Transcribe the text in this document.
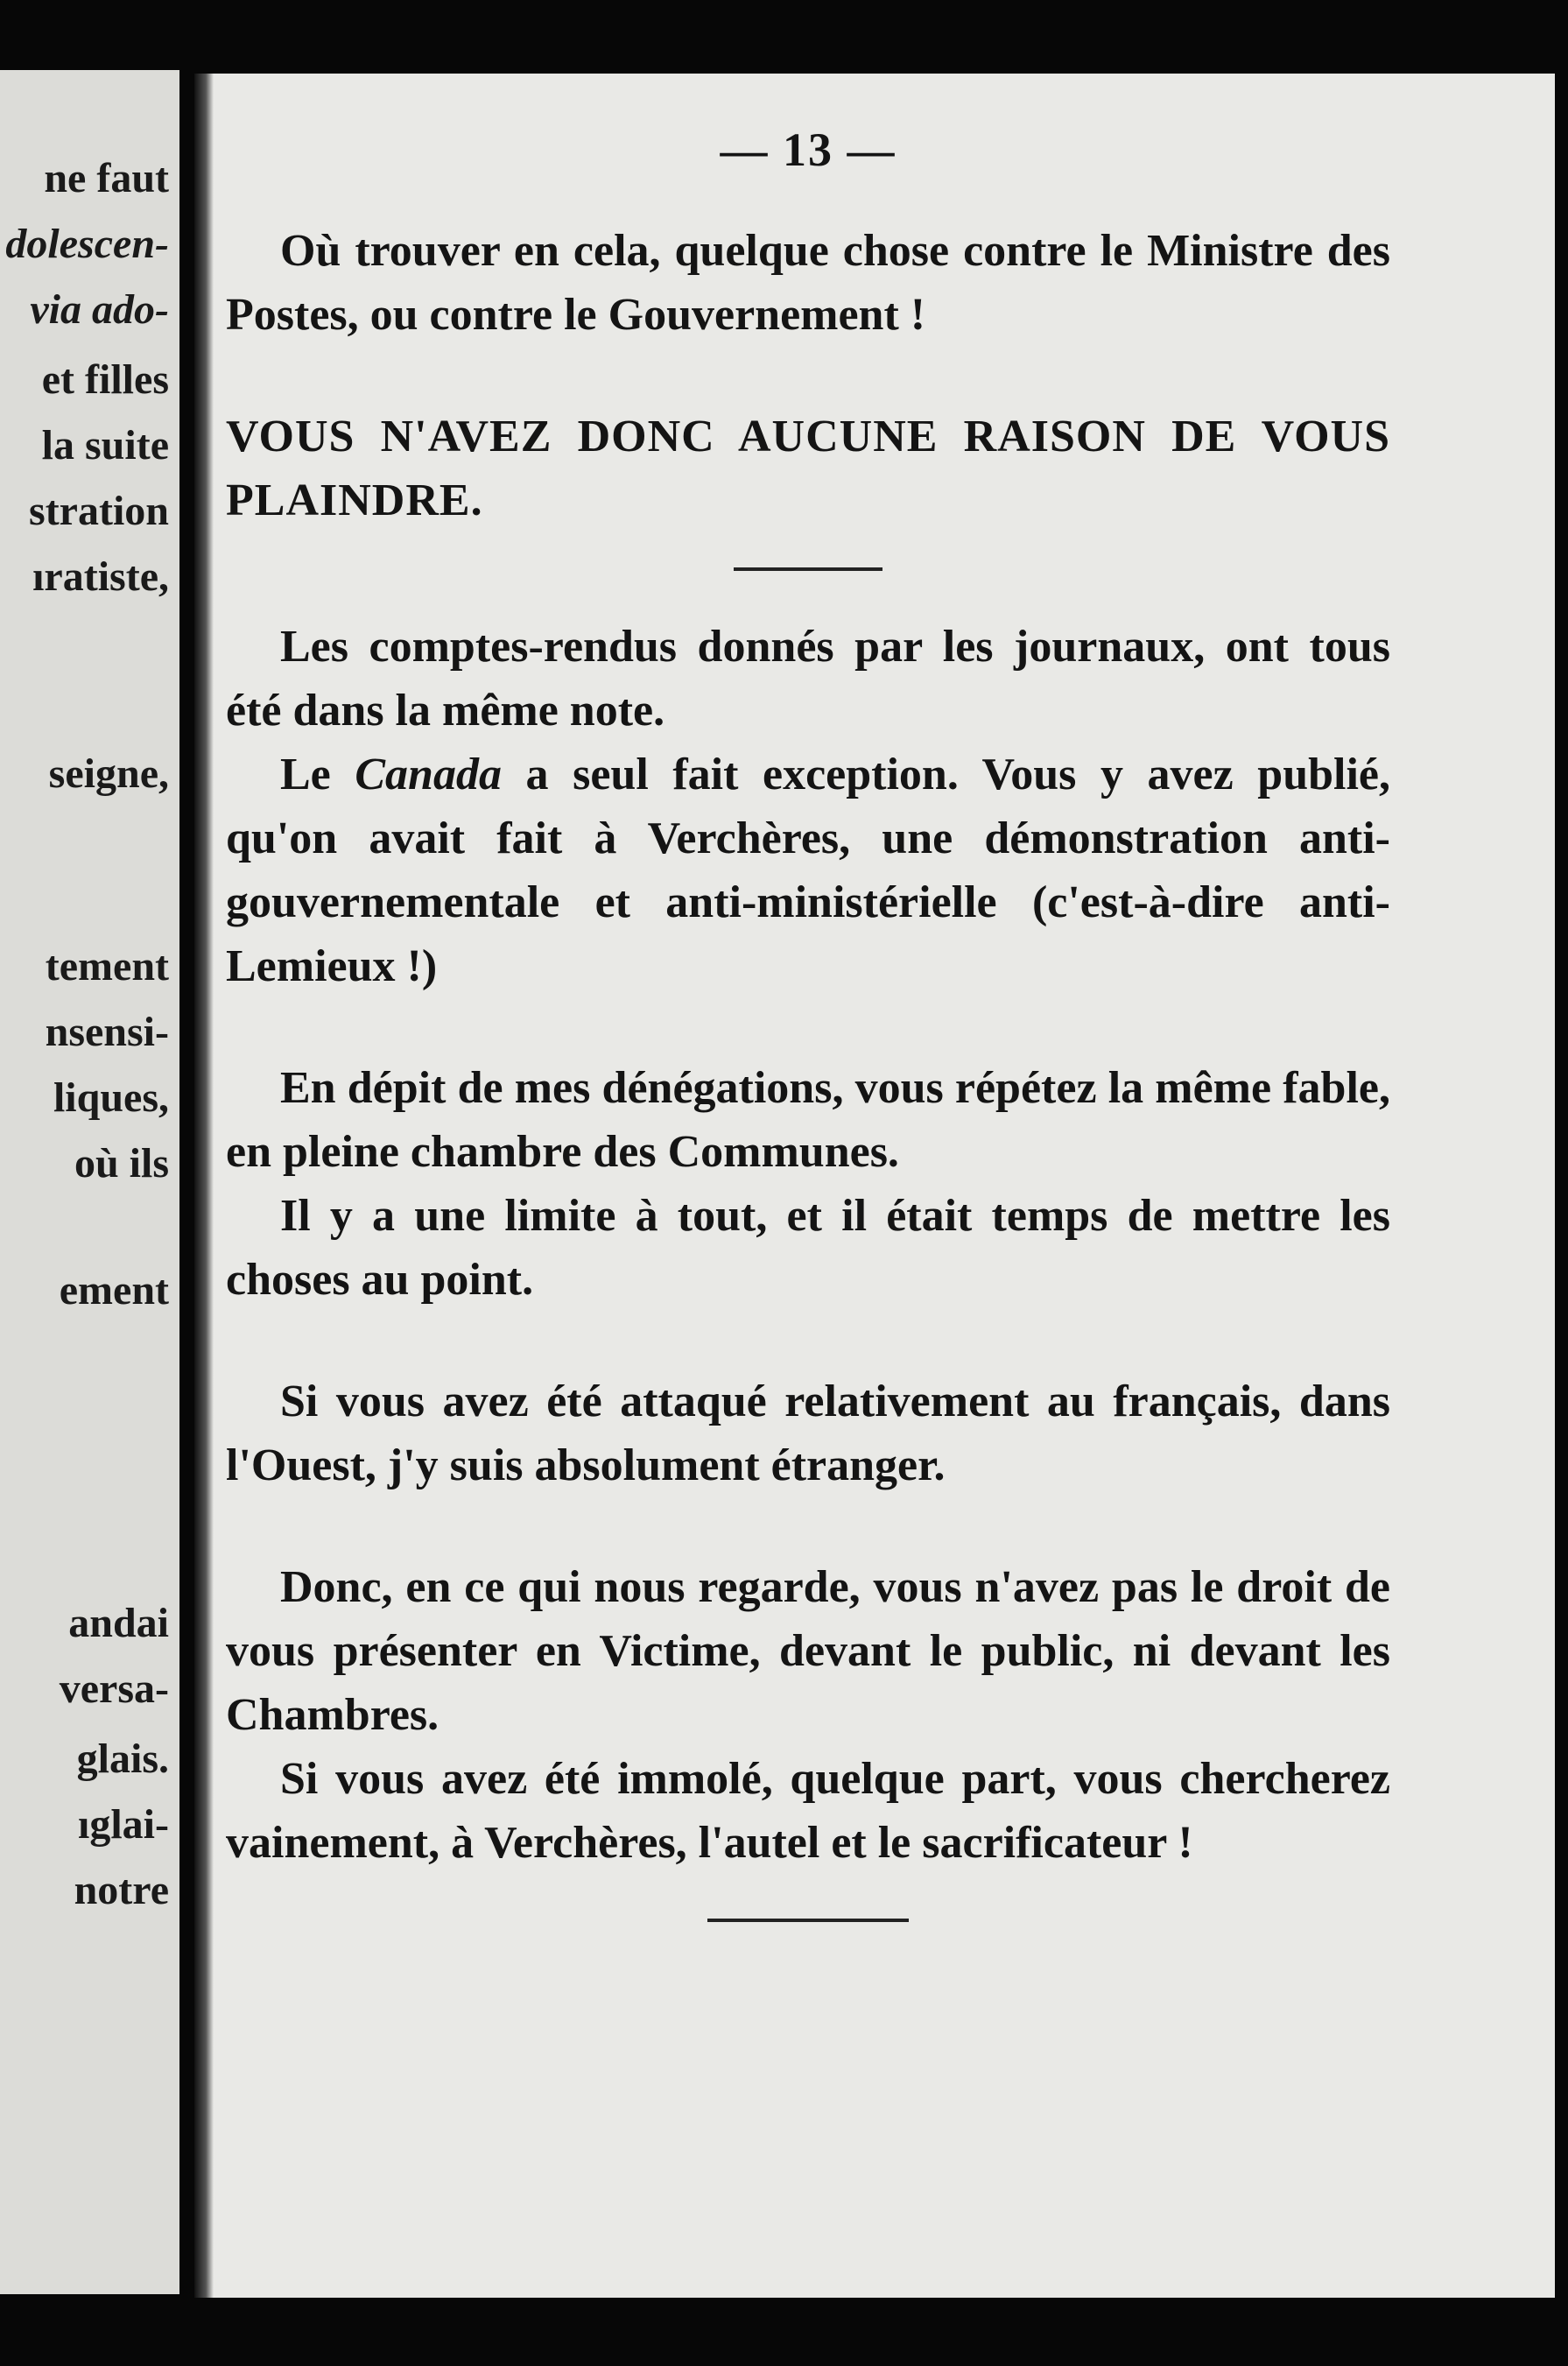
ne faut
dolescen-
via ado-
et filles
la suite
stration
ıratiste,
seigne,
tement
nsensi-
liques,
où ils
ement
andai
versa-
glais.
ıglai-
notre
— 13 —

Où trouver en cela, quelque chose contre le Ministre des Postes, ou contre le Gouvernement !

VOUS N'AVEZ DONC AUCUNE RAISON DE VOUS PLAINDRE.

Les comptes-rendus donnés par les journaux, ont tous été dans la même note.

Le Canada a seul fait exception. Vous y avez publié, qu'on avait fait à Verchères, une démonstration anti-gouvernementale et anti-ministérielle (c'est-à-dire anti-Lemieux !)

En dépit de mes dénégations, vous répétez la même fable, en pleine chambre des Communes.

Il y a une limite à tout, et il était temps de mettre les choses au point.

Si vous avez été attaqué relativement au français, dans l'Ouest, j'y suis absolument étranger.

Donc, en ce qui nous regarde, vous n'avez pas le droit de vous présenter en Victime, devant le public, ni devant les Chambres.

Si vous avez été immolé, quelque part, vous chercherez vainement, à Verchères, l'autel et le sacrificateur !
